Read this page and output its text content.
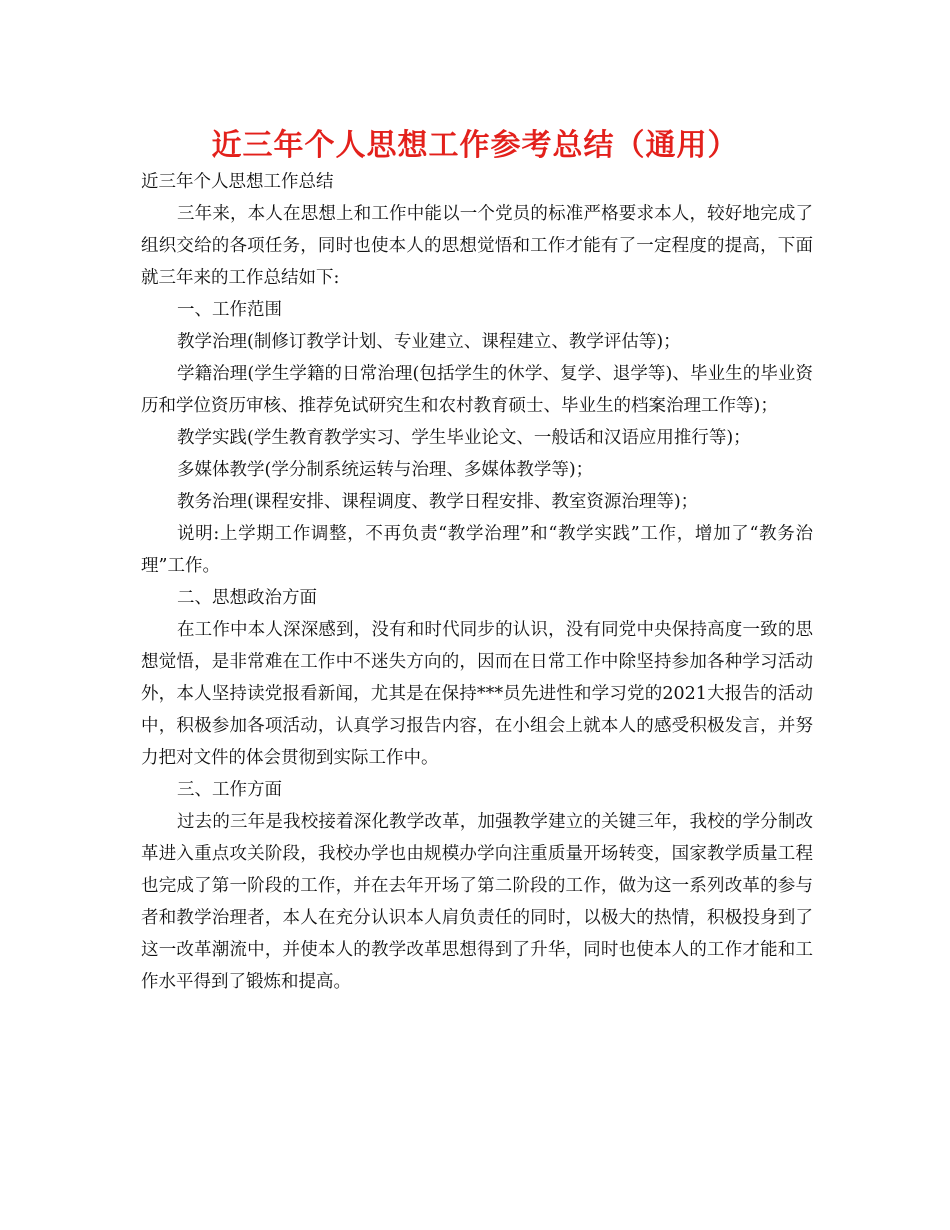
近三年个人思想工作参考总结（通用）

近三年个人思想工作总结

三年来，本人在思想上和工作中能以一个党员的标准严格要求本人，较好地完成了组织交给的各项任务，同时也使本人的思想觉悟和工作才能有了一定程度的提高，下面就三年来的工作总结如下:

一、工作范围

教学治理(制修订教学计划、专业建立、课程建立、教学评估等)；

学籍治理(学生学籍的日常治理(包括学生的休学、复学、退学等)、毕业生的毕业资历和学位资历审核、推荐免试研究生和农村教育硕士、毕业生的档案治理工作等)；

教学实践(学生教育教学实习、学生毕业论文、一般话和汉语应用推行等)；

多媒体教学(学分制系统运转与治理、多媒体教学等)；

教务治理(课程安排、课程调度、教学日程安排、教室资源治理等)；

说明:上学期工作调整，不再负责“教学治理”和“教学实践”工作，增加了“教务治理”工作。

二、思想政治方面

在工作中本人深深感到，没有和时代同步的认识，没有同党中央保持高度一致的思想觉悟，是非常难在工作中不迷失方向的，因而在日常工作中除坚持参加各种学习活动外，本人坚持读党报看新闻，尤其是在保持***员先进性和学习党的2021大报告的活动中，积极参加各项活动，认真学习报告内容，在小组会上就本人的感受积极发言，并努力把对文件的体会贯彻到实际工作中。

三、工作方面

过去的三年是我校接着深化教学改革，加强教学建立的关键三年，我校的学分制改革进入重点攻关阶段，我校办学也由规模办学向注重质量开场转变，国家教学质量工程也完成了第一阶段的工作，并在去年开场了第二阶段的工作，做为这一系列改革的参与者和教学治理者，本人在充分认识本人肩负责任的同时，以极大的热情，积极投身到了这一改革潮流中，并使本人的教学改革思想得到了升华，同时也使本人的工作才能和工作水平得到了锻炼和提高。
